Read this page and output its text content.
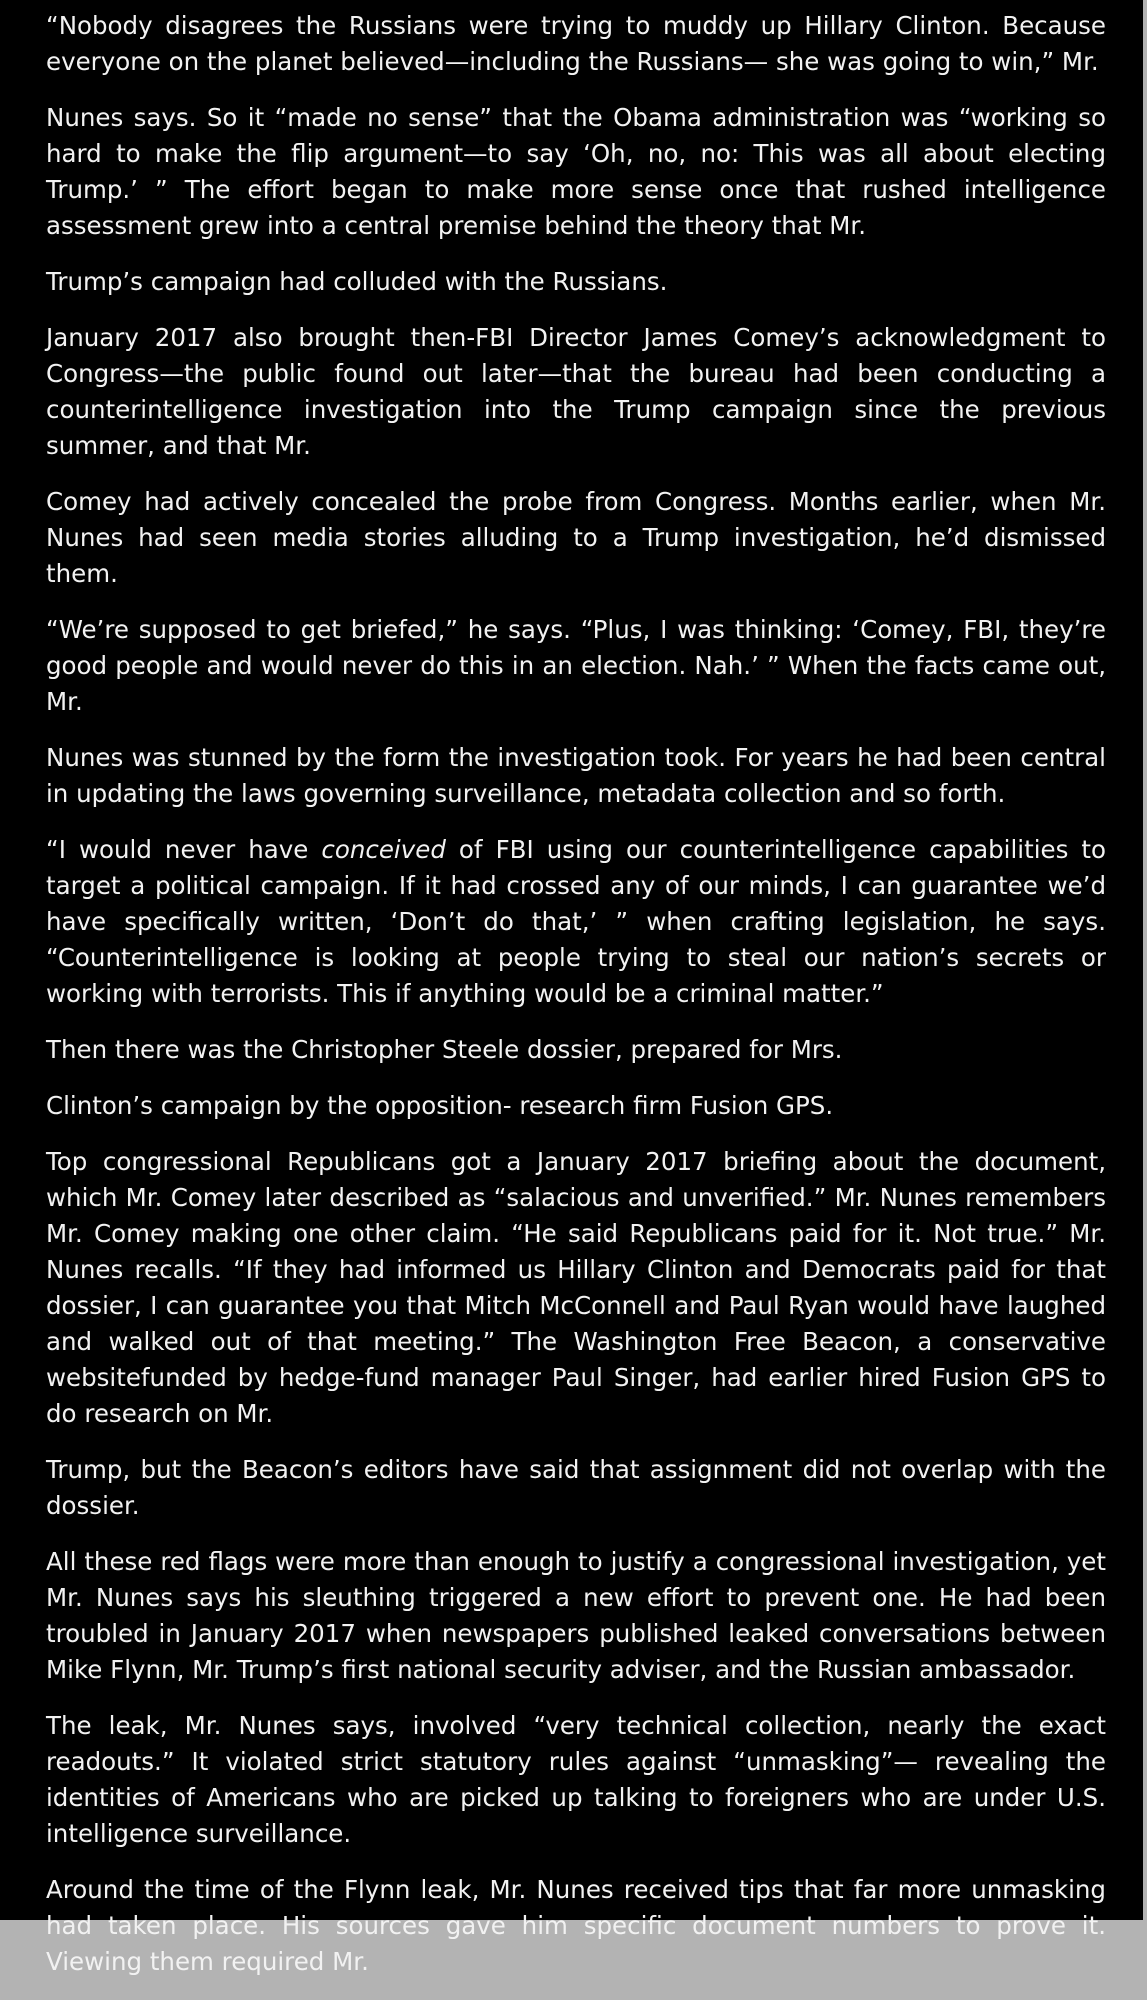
“Nobody disagrees the Russians were trying to muddy up Hillary Clinton. Because everyone on the planet believed—including the Russians— she was going to win,” Mr.

Nunes says. So it “made no sense” that the Obama administration was “working so hard to make the flip argument—to say ‘Oh, no, no: This was all about electing Trump.’ ” The effort began to make more sense once that rushed intelligence assessment grew into a central premise behind the theory that Mr.

Trump’s campaign had colluded with the Russians.

January 2017 also brought then-FBI Director James Comey’s acknowledgment to Congress—the public found out later—that the bureau had been conducting a counterintelligence investigation into the Trump campaign since the previous summer, and that Mr.

Comey had actively concealed the probe from Congress. Months earlier, when Mr. Nunes had seen media stories alluding to a Trump investigation, he’d dismissed them.

“We’re supposed to get briefed,” he says. “Plus, I was thinking: ‘Comey, FBI, they’re good people and would never do this in an election. Nah.’ ” When the facts came out, Mr.

Nunes was stunned by the form the investigation took. For years he had been central in updating the laws governing surveillance, metadata collection and so forth.

“I would never have conceived of FBI using our counterintelligence capabilities to target a political campaign. If it had crossed any of our minds, I can guarantee we’d have specifically written, ‘Don’t do that,’ ” when crafting legislation, he says. “Counterintelligence is looking at people trying to steal our nation’s secrets or working with terrorists. This if anything would be a criminal matter.”

Then there was the Christopher Steele dossier, prepared for Mrs.

Clinton’s campaign by the opposition- research firm Fusion GPS.

Top congressional Republicans got a January 2017 briefing about the document, which Mr. Comey later described as “salacious and unverified.” Mr. Nunes remembers Mr. Comey making one other claim. “He said Republicans paid for it. Not true.” Mr. Nunes recalls. “If they had informed us Hillary Clinton and Democrats paid for that dossier, I can guarantee you that Mitch McConnell and Paul Ryan would have laughed and walked out of that meeting.” The Washington Free Beacon, a conservative websitefunded by hedge-fund manager Paul Singer, had earlier hired Fusion GPS to do research on Mr.

Trump, but the Beacon’s editors have said that assignment did not overlap with the dossier.

All these red flags were more than enough to justify a congressional investigation, yet Mr. Nunes says his sleuthing triggered a new effort to prevent one. He had been troubled in January 2017 when newspapers published leaked conversations between Mike Flynn, Mr. Trump’s first national security adviser, and the Russian ambassador.

The leak, Mr. Nunes says, involved “very technical collection, nearly the exact readouts.” It violated strict statutory rules against “unmasking”— revealing the identities of Americans who are picked up talking to foreigners who are under U.S. intelligence surveillance.

Around the time of the Flynn leak, Mr. Nunes received tips that far more unmasking had taken place. His sources gave him specific document numbers to prove it. Viewing them required Mr.
